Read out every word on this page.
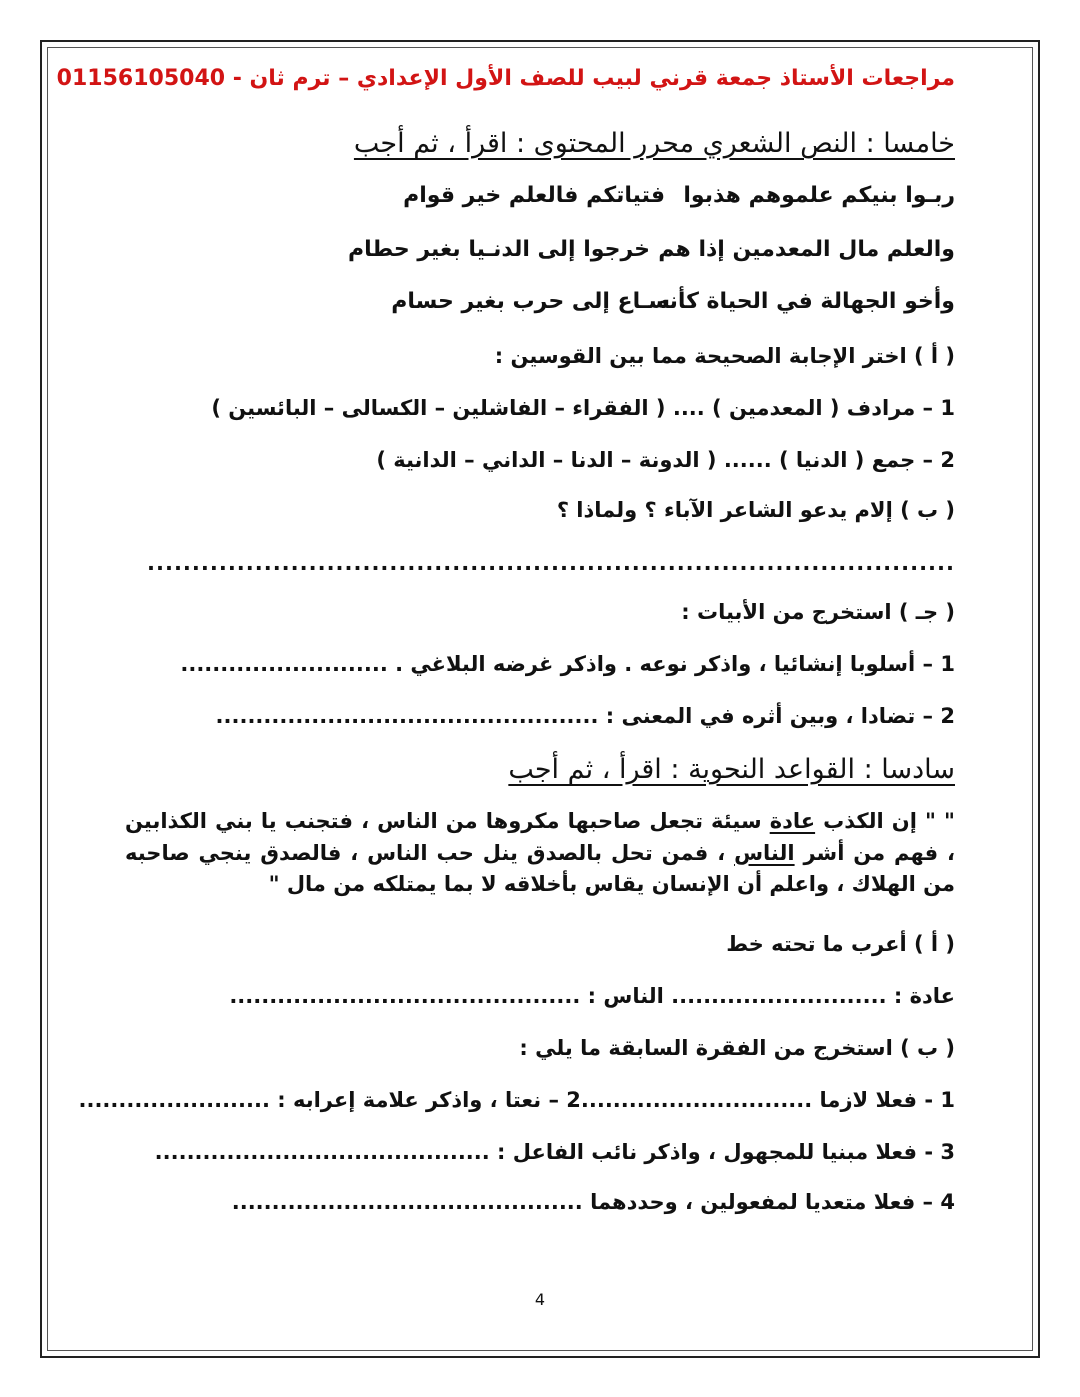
مراجعات الأستاذ جمعة قرني لبيب للصف الأول الإعدادي – ترم ثان - 01156105040
خامسا : النص الشعري محرر المحتوى : اقرأ ، ثم أجب
ربـوا بنيكم علموهم هذبوا
فتياتكم فالعلم خير قوام
والعلم مال المعدمين إذا هم
خرجوا إلى الدنـيا بغير حطام
وأخو الجهالة في الحياة كأنه
سـاع إلى حرب بغير حسام
( أ ) اختر الإجابة الصحيحة مما بين القوسين :
1 – مرادف ( المعدمين ) .... ( الفقراء – الفاشلين – الكسالى – البائسين )
2 – جمع ( الدنيا ) ...... ( الدونة – الدنا – الداني – الدانية )
( ب ) إلام يدعو الشاعر الآباء ؟ ولماذا ؟
..........................................................................................
( جـ ) استخرج من الأبيات :
1 – أسلوبا إنشائيا ، واذكر نوعه . واذكر غرضه البلاغي . ..........................
2 – تضادا ، وبين أثره في المعنى : ................................................
سادسا : القواعد النحوية : اقرأ ، ثم أجب
" " إن الكذب عادة سيئة تجعل صاحبها مكروها من الناس ، فتجنب يا بني الكذابين ، فهم من أشر الناس ، فمن تحل بالصدق ينل حب الناس ، فالصدق ينجي صاحبه من الهلاك ، واعلم أن الإنسان يقاس بأخلاقه لا بما يمتلكه من مال "
( أ ) أعرب ما تحته خط
عادة : ........................... الناس : ............................................
( ب ) استخرج من الفقرة السابقة ما يلي :
1 - فعلا لازما .............................2 – نعتا ، واذكر علامة إعرابه : ........................
3 - فعلا مبنيا للمجهول ، واذكر نائب الفاعل : ..........................................
4 – فعلا متعديا لمفعولين ، وحددهما ............................................
4
